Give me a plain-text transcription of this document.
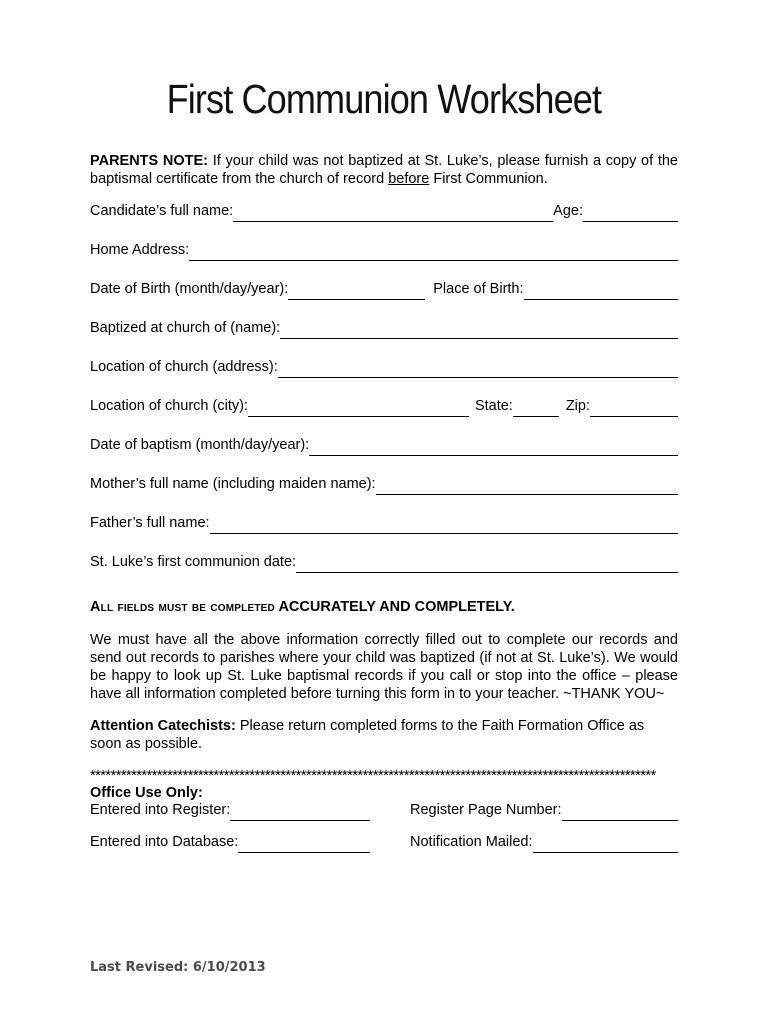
First Communion Worksheet

PARENTS NOTE: If your child was not baptized at St. Luke’s, please furnish a copy of the baptismal certificate from the church of record before First Communion.

Candidate’s full name:	Age:
Home Address:
Date of Birth (month/day/year):	Place of Birth:
Baptized at church of (name):
Location of church (address):
Location of church (city):	State:	Zip:
Date of baptism (month/day/year):
Mother’s full name (including maiden name):
Father’s full name:
St. Luke’s first communion date:

All fields must be completed ACCURATELY AND COMPLETELY.

We must have all the above information correctly filled out to complete our records and send out records to parishes where your child was baptized (if not at St. Luke’s). We would be happy to look up St. Luke baptismal records if you call or stop into the office – please have all information completed before turning this form in to your teacher. ~THANK YOU~

Attention Catechists: Please return completed forms to the Faith Formation Office as soon as possible.

**************************************************************************************************************
Office Use Only:
Entered into Register:	Register Page Number:
Entered into Database:	Notification Mailed:
Last Revised: 6/10/2013
